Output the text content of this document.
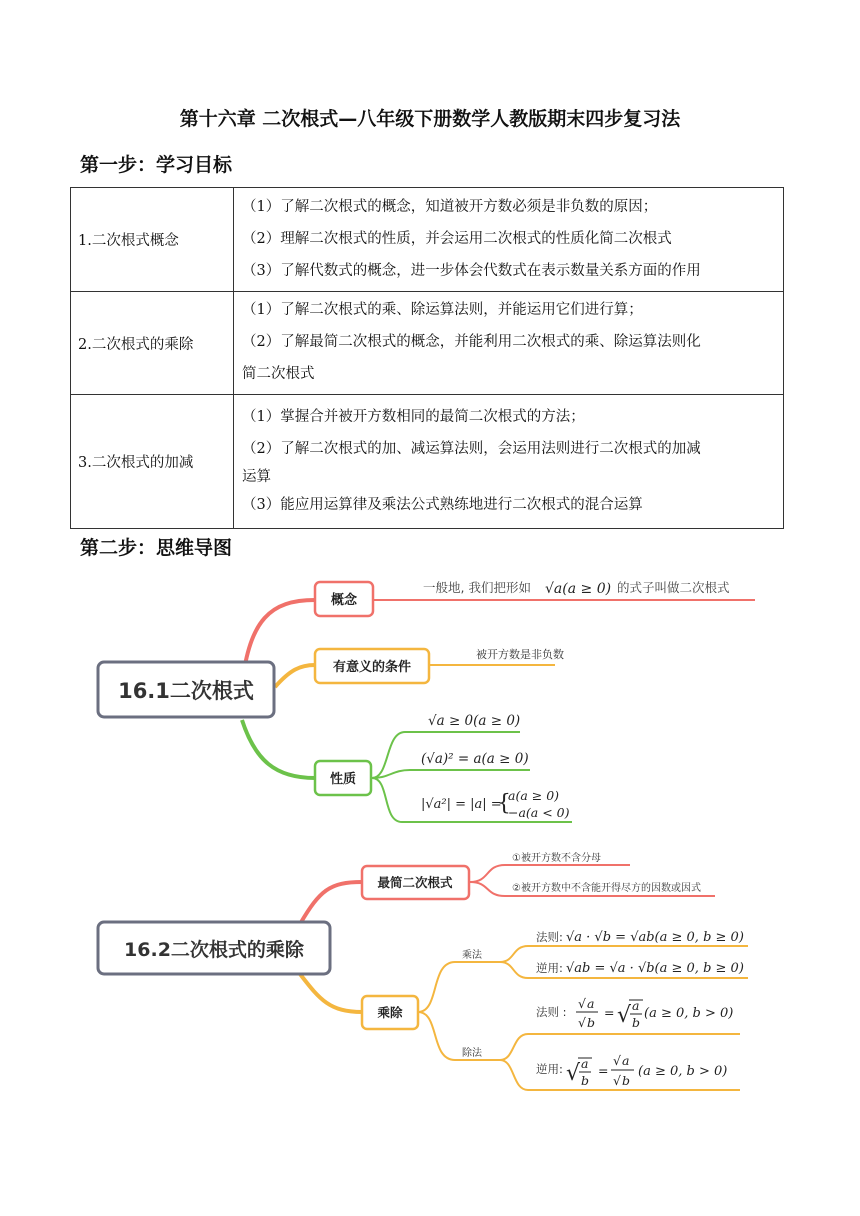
第十六章 二次根式—八年级下册数学人教版期末四步复习法
第一步：学习目标
1.二次根式概念	（1）了解二次根式的概念，知道被开方数必须是非负数的原因；
（2）理解二次根式的性质，并会运用二次根式的性质化简二次根式
（3）了解代数式的概念，进一步体会代数式在表示数量关系方面的作用

2.二次根式的乘除	（1）了解二次根式的乘、除运算法则，并能运用它们进行算；
（2）了解最简二次根式的概念，并能利用二次根式的乘、除运算法则化
简二次根式

3.二次根式的加减	（1）掌握合并被开方数相同的最简二次根式的方法；
（2）了解二次根式的加、减运算法则，会运用法则进行二次根式的加减
运算
（3）能应用运算律及乘法公式熟练地进行二次根式的混合运算
第二步：思维导图
16.1二次根式
概念
一般地, 我们把形如 √a(a ≥ 0) 的式子叫做二次根式
有意义的条件
被开方数是非负数
性质
√a ≥ 0(a ≥ 0)
(√a)² = a(a ≥ 0)
|√a²| = |a| =
{
a(a ≥ 0)
−a(a < 0)
16.2二次根式的乘除
最简二次根式
①被开方数不含分母
②被开方数中不含能开得尽方的因数或因式
乘除
乘法
除法
法则: √a · √b = √ab(a ≥ 0, b ≥ 0)
逆用: √ab = √a · √b(a ≥ 0, b ≥ 0)
法则 :
√ a
√ b
= √ a
b
(a ≥ 0, b > 0)
逆用: √ a
b
=
√ a
√ b
(a ≥ 0, b > 0)
